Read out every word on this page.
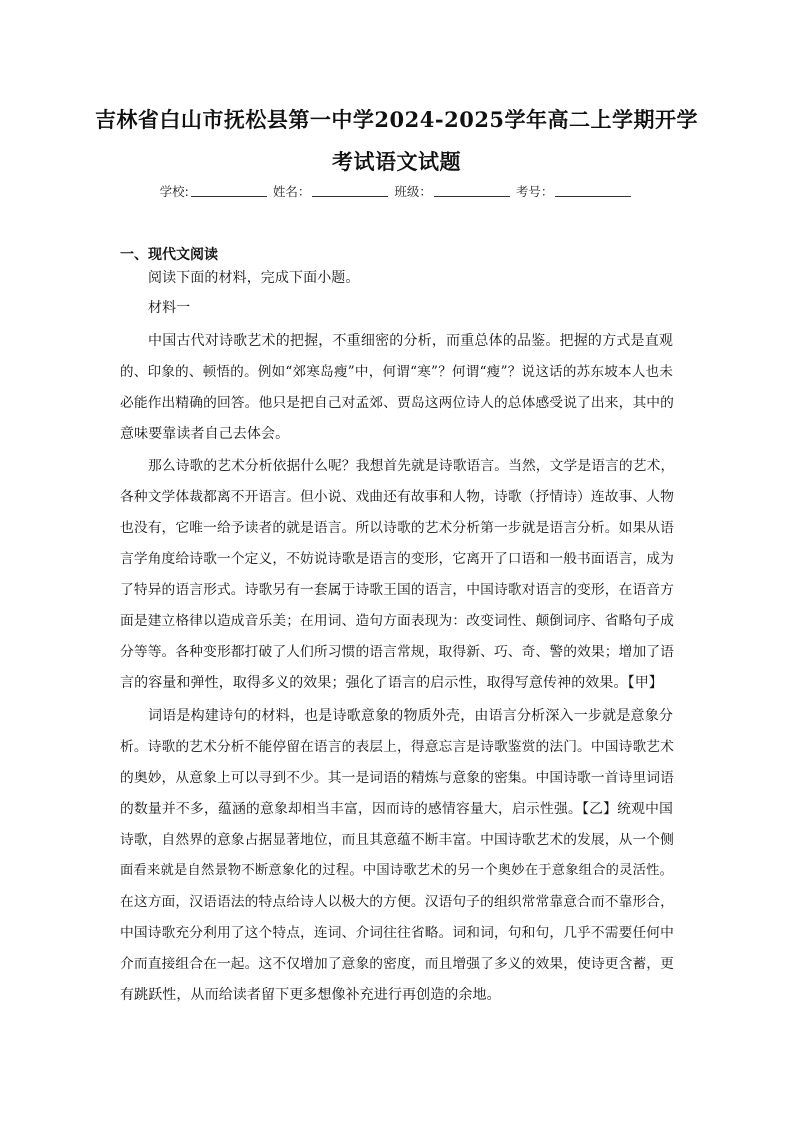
吉林省白山市抚松县第一中学2024-2025学年高二上学期开学
考试语文试题
学校:	姓名：	班级：	考号：
一、现代文阅读
阅读下面的材料，完成下面小题。
材料一
中国古代对诗歌艺术的把握，不重细密的分析，而重总体的品鉴。把握的方式是直观
的、印象的、顿悟的。例如“郊寒岛瘦”中，何谓“寒”？何谓“瘦”？说这话的苏东坡本人也未
必能作出精确的回答。他只是把自己对孟郊、贾岛这两位诗人的总体感受说了出来，其中的
意味要靠读者自己去体会。
那么诗歌的艺术分析依据什么呢？我想首先就是诗歌语言。当然，文学是语言的艺术，
各种文学体裁都离不开语言。但小说、戏曲还有故事和人物，诗歌（抒情诗）连故事、人物
也没有，它唯一给予读者的就是语言。所以诗歌的艺术分析第一步就是语言分析。如果从语
言学角度给诗歌一个定义，不妨说诗歌是语言的变形，它离开了口语和一般书面语言，成为
了特异的语言形式。诗歌另有一套属于诗歌王国的语言，中国诗歌对语言的变形，在语音方
面是建立格律以造成音乐美；在用词、造句方面表现为：改变词性、颠倒词序、省略句子成
分等等。各种变形都打破了人们所习惯的语言常规，取得新、巧、奇、警的效果；增加了语
言的容量和弹性，取得多义的效果；强化了语言的启示性，取得写意传神的效果。【甲】
词语是构建诗句的材料，也是诗歌意象的物质外壳，由语言分析深入一步就是意象分
析。诗歌的艺术分析不能停留在语言的表层上，得意忘言是诗歌鉴赏的法门。中国诗歌艺术
的奥妙，从意象上可以寻到不少。其一是词语的精炼与意象的密集。中国诗歌一首诗里词语
的数量并不多，蕴涵的意象却相当丰富，因而诗的感情容量大，启示性强。【乙】统观中国
诗歌，自然界的意象占据显著地位，而且其意蕴不断丰富。中国诗歌艺术的发展，从一个侧
面看来就是自然景物不断意象化的过程。中国诗歌艺术的另一个奥妙在于意象组合的灵活性。
在这方面，汉语语法的特点给诗人以极大的方便。汉语句子的组织常常靠意合而不靠形合，
中国诗歌充分利用了这个特点，连词、介词往往省略。词和词，句和句，几乎不需要任何中
介而直接组合在一起。这不仅增加了意象的密度，而且增强了多义的效果，使诗更含蓄，更
有跳跃性，从而给读者留下更多想像补充进行再创造的余地。
